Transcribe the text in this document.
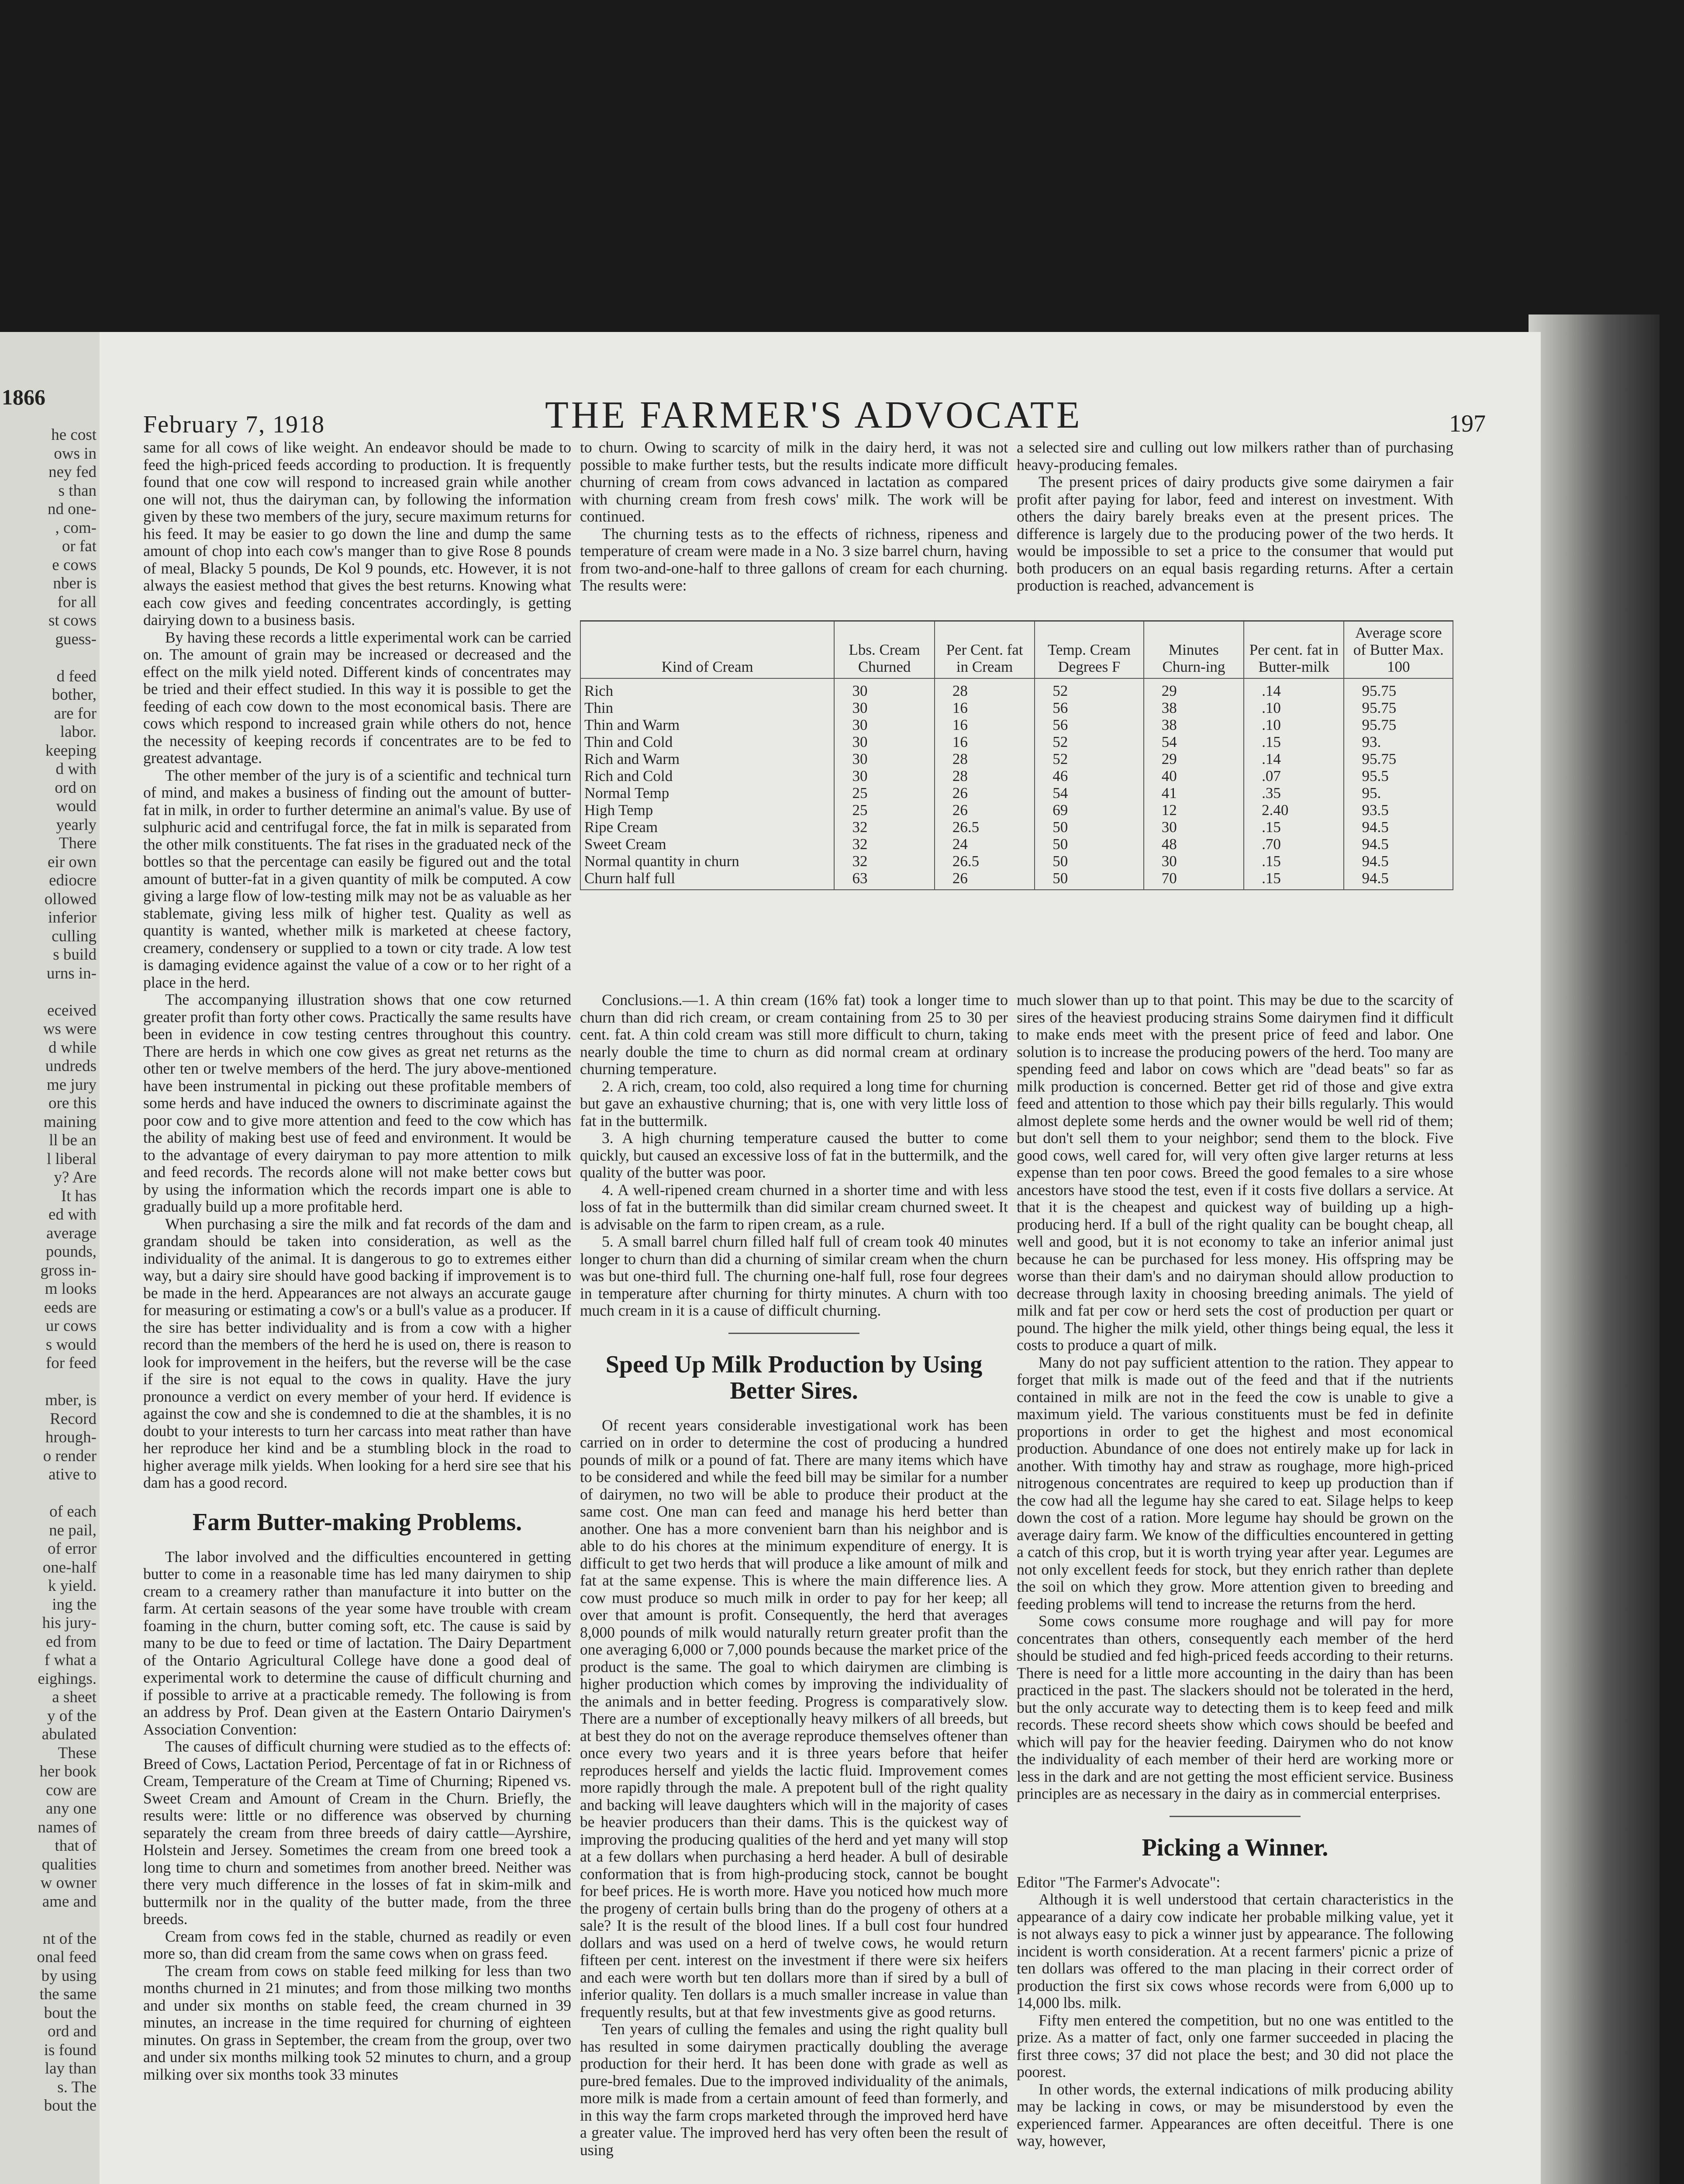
1866
he cost
ows in
ney fed
s than
nd one-
, com-
or fat
e cows
nber is
for all
st cows
guess-

d feed
bother,
are for
labor.
keeping
d with
ord on
would
yearly
There
eir own
ediocre
ollowed
inferior
culling
s build
urns in-

eceived
ws were
d while
undreds
me jury
ore this
maining
ll be an
l liberal
y? Are
It has
ed with
average
pounds,
gross in-
m looks
eeds are
ur cows
s would
for feed

mber, is
Record
hrough-
o render
ative to

of each
ne pail,
of error
one-half
k yield.
ing the
his jury-
ed from
f what a
eighings.
a sheet
y of the
abulated
These
her book
cow are
any one
names of
that of
qualities
w owner
ame and

nt of the
onal feed
by using
the same
bout the
ord and
is found
lay than
s. The
bout the
February 7, 1918	THE FARMER'S ADVOCATE	197

same for all cows of like weight. An endeavor should be made to feed the high-priced feeds according to production. It is frequently found that one cow will respond to increased grain while another one will not, thus the dairyman can, by following the information given by these two members of the jury, secure maximum returns for his feed. It may be easier to go down the line and dump the same amount of chop into each cow's manger than to give Rose 8 pounds of meal, Blacky 5 pounds, De Kol 9 pounds, etc. However, it is not always the easiest method that gives the best returns. Knowing what each cow gives and feeding concentrates accordingly, is getting dairying down to a business basis.

By having these records a little experimental work can be carried on. The amount of grain may be increased or decreased and the effect on the milk yield noted. Different kinds of concentrates may be tried and their effect studied. In this way it is possible to get the feeding of each cow down to the most economical basis. There are cows which respond to increased grain while others do not, hence the necessity of keeping records if concentrates are to be fed to greatest advantage.

The other member of the jury is of a scientific and technical turn of mind, and makes a business of finding out the amount of butter-fat in milk, in order to further determine an animal's value. By use of sulphuric acid and centrifugal force, the fat in milk is separated from the other milk constituents. The fat rises in the graduated neck of the bottles so that the percentage can easily be figured out and the total amount of butter-fat in a given quantity of milk be computed. A cow giving a large flow of low-testing milk may not be as valuable as her stablemate, giving less milk of higher test. Quality as well as quantity is wanted, whether milk is marketed at cheese factory, creamery, condensery or supplied to a town or city trade. A low test is damaging evidence against the value of a cow or to her right of a place in the herd.

The accompanying illustration shows that one cow returned greater profit than forty other cows. Practically the same results have been in evidence in cow testing centres throughout this country. There are herds in which one cow gives as great net returns as the other ten or twelve members of the herd. The jury above-mentioned have been instrumental in picking out these profitable members of some herds and have induced the owners to discriminate against the poor cow and to give more attention and feed to the cow which has the ability of making best use of feed and environment. It would be to the advantage of every dairyman to pay more attention to milk and feed records. The records alone will not make better cows but by using the information which the records impart one is able to gradually build up a more profitable herd.

When purchasing a sire the milk and fat records of the dam and grandam should be taken into consideration, as well as the individuality of the animal. It is dangerous to go to extremes either way, but a dairy sire should have good backing if improvement is to be made in the herd. Appearances are not always an accurate gauge for measuring or estimating a cow's or a bull's value as a producer. If the sire has better individuality and is from a cow with a higher record than the members of the herd he is used on, there is reason to look for improvement in the heifers, but the reverse will be the case if the sire is not equal to the cows in quality. Have the jury pronounce a verdict on every member of your herd. If evidence is against the cow and she is condemned to die at the shambles, it is no doubt to your interests to turn her carcass into meat rather than have her reproduce her kind and be a stumbling block in the road to higher average milk yields. When looking for a herd sire see that his dam has a good record.

Farm Butter-making Problems.

The labor involved and the difficulties encountered in getting butter to come in a reasonable time has led many dairymen to ship cream to a creamery rather than manufacture it into butter on the farm. At certain seasons of the year some have trouble with cream foaming in the churn, butter coming soft, etc. The cause is said by many to be due to feed or time of lactation. The Dairy Department of the Ontario Agricultural College have done a good deal of experimental work to determine the cause of difficult churning and if possible to arrive at a practicable remedy. The following is from an address by Prof. Dean given at the Eastern Ontario Dairymen's Association Convention:

The causes of difficult churning were studied as to the effects of: Breed of Cows, Lactation Period, Percentage of fat in or Richness of Cream, Temperature of the Cream at Time of Churning; Ripened vs. Sweet Cream and Amount of Cream in the Churn. Briefly, the results were: little or no difference was observed by churning separately the cream from three breeds of dairy cattle—Ayrshire, Holstein and Jersey. Sometimes the cream from one breed took a long time to churn and sometimes from another breed. Neither was there very much difference in the losses of fat in skim-milk and buttermilk nor in the quality of the butter made, from the three breeds.

Cream from cows fed in the stable, churned as readily or even more so, than did cream from the same cows when on grass feed.

The cream from cows on stable feed milking for less than two months churned in 21 minutes; and from those milking two months and under six months on stable feed, the cream churned in 39 minutes, an increase in the time required for churning of eighteen minutes. On grass in September, the cream from the group, over two and under six months milking took 52 minutes to churn, and a group milking over six months took 33 minutes

to churn. Owing to scarcity of milk in the dairy herd, it was not possible to make further tests, but the results indicate more difficult churning of cream from cows advanced in lactation as compared with churning cream from fresh cows' milk. The work will be continued.

The churning tests as to the effects of richness, ripeness and temperature of cream were made in a No. 3 size barrel churn, having from two-and-one-half to three gallons of cream for each churning. The results were:

a selected sire and culling out low milkers rather than of purchasing heavy-producing females.

The present prices of dairy products give some dairymen a fair profit after paying for labor, feed and interest on investment. With others the dairy barely breaks even at the present prices. The difference is largely due to the producing power of the two herds. It would be impossible to set a price to the consumer that would put both producers on an equal basis regarding returns. After a certain production is reached, advancement is

Kind of Cream	Lbs. Cream Churned	Per Cent. fat in Cream	Temp. Cream Degrees F	Minutes Churn-ing	Per cent. fat in Butter-milk	Average score of Butter Max. 100
Rich	30	28	52	29	.14	95.75
Thin	30	16	56	38	.10	95.75
Thin and Warm	30	16	56	38	.10	95.75
Thin and Cold	30	16	52	54	.15	93.
Rich and Warm	30	28	52	29	.14	95.75
Rich and Cold	30	28	46	40	.07	95.5
Normal Temp	25	26	54	41	.35	95.
High Temp	25	26	69	12	2.40	93.5
Ripe Cream	32	26.5	50	30	.15	94.5
Sweet Cream	32	24	50	48	.70	94.5
Normal quantity in churn	32	26.5	50	30	.15	94.5
Churn half full	63	26	50	70	.15	94.5

Conclusions.—1. A thin cream (16% fat) took a longer time to churn than did rich cream, or cream containing from 25 to 30 per cent. fat. A thin cold cream was still more difficult to churn, taking nearly double the time to churn as did normal cream at ordinary churning temperature.

2. A rich, cream, too cold, also required a long time for churning but gave an exhaustive churning; that is, one with very little loss of fat in the buttermilk.

3. A high churning temperature caused the butter to come quickly, but caused an excessive loss of fat in the buttermilk, and the quality of the butter was poor.

4. A well-ripened cream churned in a shorter time and with less loss of fat in the buttermilk than did similar cream churned sweet. It is advisable on the farm to ripen cream, as a rule.

5. A small barrel churn filled half full of cream took 40 minutes longer to churn than did a churning of similar cream when the churn was but one-third full. The churning one-half full, rose four degrees in temperature after churning for thirty minutes. A churn with too much cream in it is a cause of difficult churning.

Speed Up Milk Production by Using Better Sires.

Of recent years considerable investigational work has been carried on in order to determine the cost of producing a hundred pounds of milk or a pound of fat. There are many items which have to be considered and while the feed bill may be similar for a number of dairymen, no two will be able to produce their product at the same cost. One man can feed and manage his herd better than another. One has a more convenient barn than his neighbor and is able to do his chores at the minimum expenditure of energy. It is difficult to get two herds that will produce a like amount of milk and fat at the same expense. This is where the main difference lies. A cow must produce so much milk in order to pay for her keep; all over that amount is profit. Consequently, the herd that averages 8,000 pounds of milk would naturally return greater profit than the one averaging 6,000 or 7,000 pounds because the market price of the product is the same. The goal to which dairymen are climbing is higher production which comes by improving the individuality of the animals and in better feeding. Progress is comparatively slow. There are a number of exceptionally heavy milkers of all breeds, but at best they do not on the average reproduce themselves oftener than once every two years and it is three years before that heifer reproduces herself and yields the lactic fluid. Improvement comes more rapidly through the male. A prepotent bull of the right quality and backing will leave daughters which will in the majority of cases be heavier producers than their dams. This is the quickest way of improving the producing qualities of the herd and yet many will stop at a few dollars when purchasing a herd header. A bull of desirable conformation that is from high-producing stock, cannot be bought for beef prices. He is worth more. Have you noticed how much more the progeny of certain bulls bring than do the progeny of others at a sale? It is the result of the blood lines. If a bull cost four hundred dollars and was used on a herd of twelve cows, he would return fifteen per cent. interest on the investment if there were six heifers and each were worth but ten dollars more than if sired by a bull of inferior quality. Ten dollars is a much smaller increase in value than frequently results, but at that few investments give as good returns.

Ten years of culling the females and using the right quality bull has resulted in some dairymen practically doubling the average production for their herd. It has been done with grade as well as pure-bred females. Due to the improved individuality of the animals, more milk is made from a certain amount of feed than formerly, and in this way the farm crops marketed through the improved herd have a greater value. The improved herd has very often been the result of using

much slower than up to that point. This may be due to the scarcity of sires of the heaviest producing strains Some dairymen find it difficult to make ends meet with the present price of feed and labor. One solution is to increase the producing powers of the herd. Too many are spending feed and labor on cows which are "dead beats" so far as milk production is concerned. Better get rid of those and give extra feed and attention to those which pay their bills regularly. This would almost deplete some herds and the owner would be well rid of them; but don't sell them to your neighbor; send them to the block. Five good cows, well cared for, will very often give larger returns at less expense than ten poor cows. Breed the good females to a sire whose ancestors have stood the test, even if it costs five dollars a service. At that it is the cheapest and quickest way of building up a high-producing herd. If a bull of the right quality can be bought cheap, all well and good, but it is not economy to take an inferior animal just because he can be purchased for less money. His offspring may be worse than their dam's and no dairyman should allow production to decrease through laxity in choosing breeding animals. The yield of milk and fat per cow or herd sets the cost of production per quart or pound. The higher the milk yield, other things being equal, the less it costs to produce a quart of milk.

Many do not pay sufficient attention to the ration. They appear to forget that milk is made out of the feed and that if the nutrients contained in milk are not in the feed the cow is unable to give a maximum yield. The various constituents must be fed in definite proportions in order to get the highest and most economical production. Abundance of one does not entirely make up for lack in another. With timothy hay and straw as roughage, more high-priced nitrogenous concentrates are required to keep up production than if the cow had all the legume hay she cared to eat. Silage helps to keep down the cost of a ration. More legume hay should be grown on the average dairy farm. We know of the difficulties encountered in getting a catch of this crop, but it is worth trying year after year. Legumes are not only excellent feeds for stock, but they enrich rather than deplete the soil on which they grow. More attention given to breeding and feeding problems will tend to increase the returns from the herd.

Some cows consume more roughage and will pay for more concentrates than others, consequently each member of the herd should be studied and fed high-priced feeds according to their returns. There is need for a little more accounting in the dairy than has been practiced in the past. The slackers should not be tolerated in the herd, but the only accurate way to detecting them is to keep feed and milk records. These record sheets show which cows should be beefed and which will pay for the heavier feeding. Dairymen who do not know the individuality of each member of their herd are working more or less in the dark and are not getting the most efficient service. Business principles are as necessary in the dairy as in commercial enterprises.

Picking a Winner.

Editor "The Farmer's Advocate":

Although it is well understood that certain characteristics in the appearance of a dairy cow indicate her probable milking value, yet it is not always easy to pick a winner just by appearance. The following incident is worth consideration. At a recent farmers' picnic a prize of ten dollars was offered to the man placing in their correct order of production the first six cows whose records were from 6,000 up to 14,000 lbs. milk.

Fifty men entered the competition, but no one was entitled to the prize. As a matter of fact, only one farmer succeeded in placing the first three cows; 37 did not place the best; and 30 did not place the poorest.

In other words, the external indications of milk producing ability may be lacking in cows, or may be misunderstood by even the experienced farmer. Appearances are often deceitful. There is one way, however,
